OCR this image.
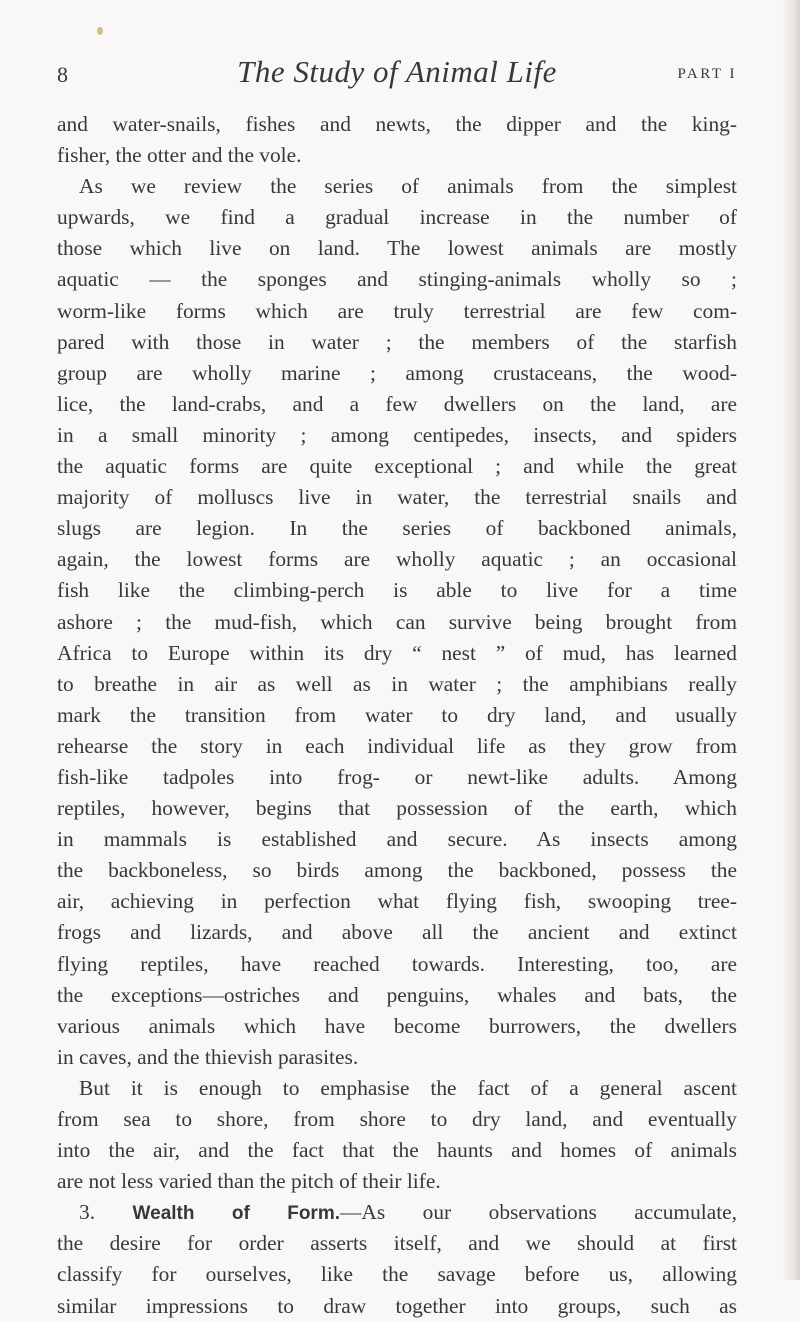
8	The Study of Animal Life	PART I
and water-snails, fishes and newts, the dipper and the king-
fisher, the otter and the vole.
As we review the series of animals from the simplest
upwards, we find a gradual increase in the number of
those which live on land. The lowest animals are mostly
aquatic — the sponges and stinging-animals wholly so ;
worm-like forms which are truly terrestrial are few com-
pared with those in water ; the members of the starfish
group are wholly marine ; among crustaceans, the wood-
lice, the land-crabs, and a few dwellers on the land, are
in a small minority ; among centipedes, insects, and spiders
the aquatic forms are quite exceptional ; and while the great
majority of molluscs live in water, the terrestrial snails and
slugs are legion. In the series of backboned animals,
again, the lowest forms are wholly aquatic ; an occasional
fish like the climbing-perch is able to live for a time
ashore ; the mud-fish, which can survive being brought from
Africa to Europe within its dry “ nest ” of mud, has learned
to breathe in air as well as in water ; the amphibians really
mark the transition from water to dry land, and usually
rehearse the story in each individual life as they grow from
fish-like tadpoles into frog- or newt-like adults. Among
reptiles, however, begins that possession of the earth, which
in mammals is established and secure. As insects among
the backboneless, so birds among the backboned, possess the
air, achieving in perfection what flying fish, swooping tree-
frogs and lizards, and above all the ancient and extinct
flying reptiles, have reached towards. Interesting, too, are
the exceptions—ostriches and penguins, whales and bats, the
various animals which have become burrowers, the dwellers
in caves, and the thievish parasites.
But it is enough to emphasise the fact of a general ascent
from sea to shore, from shore to dry land, and eventually
into the air, and the fact that the haunts and homes of animals
are not less varied than the pitch of their life.
3. Wealth of Form.—As our observations accumulate,
the desire for order asserts itself, and we should at first
classify for ourselves, like the savage before us, allowing
similar impressions to draw together into groups, such as
